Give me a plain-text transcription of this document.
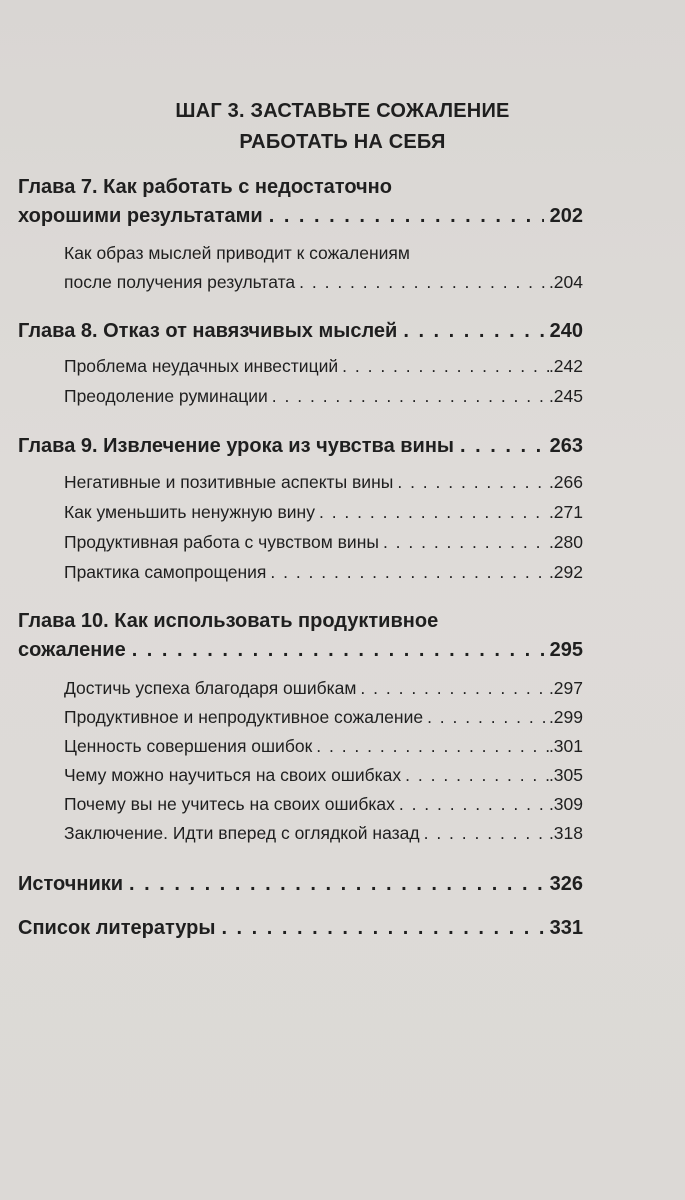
ШАГ 3. ЗАСТАВЬТЕ СОЖАЛЕНИЕ
РАБОТАТЬ НА СЕБЯ
Глава 7. Как работать с недостаточно
хорошими результатами . . .	202
Как образ мыслей приводит к сожалениям
после получения результата . . .	.204
Глава 8. Отказ от навязчивых мыслей . . .	240
Проблема неудачных инвестиций . . .	.242
Преодоление руминации . . .	.245
Глава 9. Извлечение урока из чувства вины . . .	263
Негативные и позитивные аспекты вины . . .	.266
Как уменьшить ненужную вину . . .	.271
Продуктивная работа с чувством вины . . .	.280
Практика самопрощения . . .	.292
Глава 10. Как использовать продуктивное
сожаление . . .	295
Достичь успеха благодаря ошибкам . . .	.297
Продуктивное и непродуктивное сожаление . . .	.299
Ценность совершения ошибок . . .	.301
Чему можно научиться на своих ошибках . . .	.305
Почему вы не учитесь на своих ошибках . . .	.309
Заключение. Идти вперед с оглядкой назад . . .	.318
Источники . . .	326
Список литературы . . .	331
